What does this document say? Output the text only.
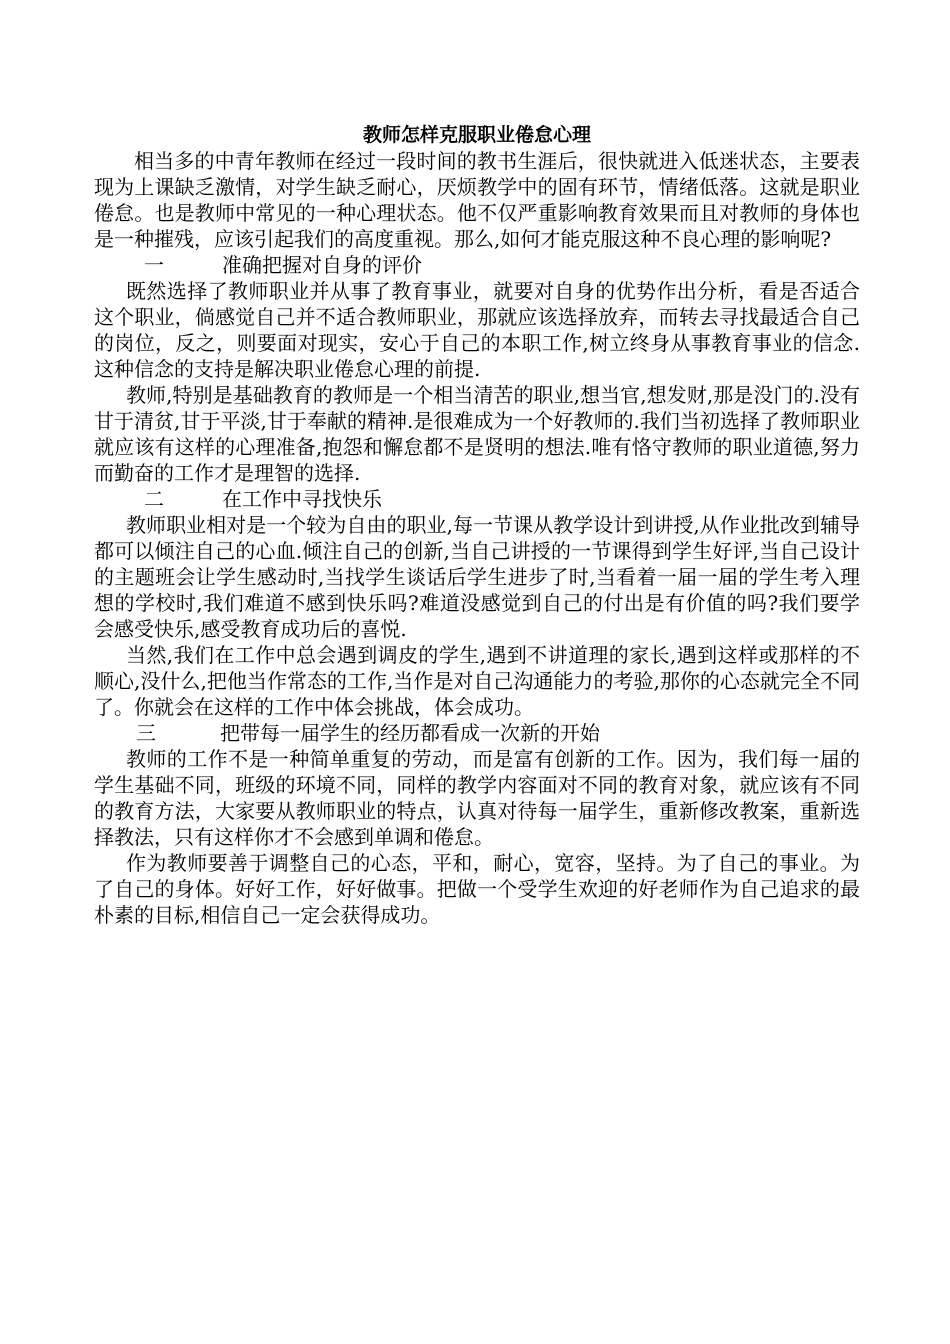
教师怎样克服职业倦怠心理

相当多的中青年教师在经过一段时间的教书生涯后，很快就进入低迷状态，主要表现为上课缺乏激情，对学生缺乏耐心，厌烦教学中的固有环节，情绪低落。这就是职业倦怠。也是教师中常见的一种心理状态。他不仅严重影响教育效果而且对教师的身体也是一种摧残，应该引起我们的高度重视。那么,如何才能克服这种不良心理的影响呢?

一	准确把握对自身的评价

既然选择了教师职业并从事了教育事业，就要对自身的优势作出分析，看是否适合这个职业，倘感觉自己并不适合教师职业，那就应该选择放弃，而转去寻找最适合自己的岗位，反之，则要面对现实，安心于自己的本职工作,树立终身从事教育事业的信念.这种信念的支持是解决职业倦怠心理的前提.

教师,特别是基础教育的教师是一个相当清苦的职业,想当官,想发财,那是没门的.没有甘于清贫,甘于平淡,甘于奉献的精神.是很难成为一个好教师的.我们当初选择了教师职业就应该有这样的心理准备,抱怨和懈怠都不是贤明的想法.唯有恪守教师的职业道德,努力而勤奋的工作才是理智的选择.

二	在工作中寻找快乐

教师职业相对是一个较为自由的职业,每一节课从教学设计到讲授,从作业批改到辅导都可以倾注自己的心血.倾注自己的创新,当自己讲授的一节课得到学生好评,当自己设计的主题班会让学生感动时,当找学生谈话后学生进步了时,当看着一届一届的学生考入理想的学校时,我们难道不感到快乐吗?难道没感觉到自己的付出是有价值的吗?我们要学会感受快乐,感受教育成功后的喜悦.

当然,我们在工作中总会遇到调皮的学生,遇到不讲道理的家长,遇到这样或那样的不顺心,没什么,把他当作常态的工作,当作是对自己沟通能力的考验,那你的心态就完全不同了。你就会在这样的工作中体会挑战，体会成功。

三	把带每一届学生的经历都看成一次新的开始

教师的工作不是一种简单重复的劳动，而是富有创新的工作。因为，我们每一届的学生基础不同，班级的环境不同，同样的教学内容面对不同的教育对象，就应该有不同的教育方法，大家要从教师职业的特点，认真对待每一届学生，重新修改教案，重新选择教法，只有这样你才不会感到单调和倦怠。

作为教师要善于调整自己的心态，平和，耐心，宽容，坚持。为了自己的事业。为了自己的身体。好好工作，好好做事。把做一个受学生欢迎的好老师作为自己追求的最朴素的目标,相信自己一定会获得成功。
